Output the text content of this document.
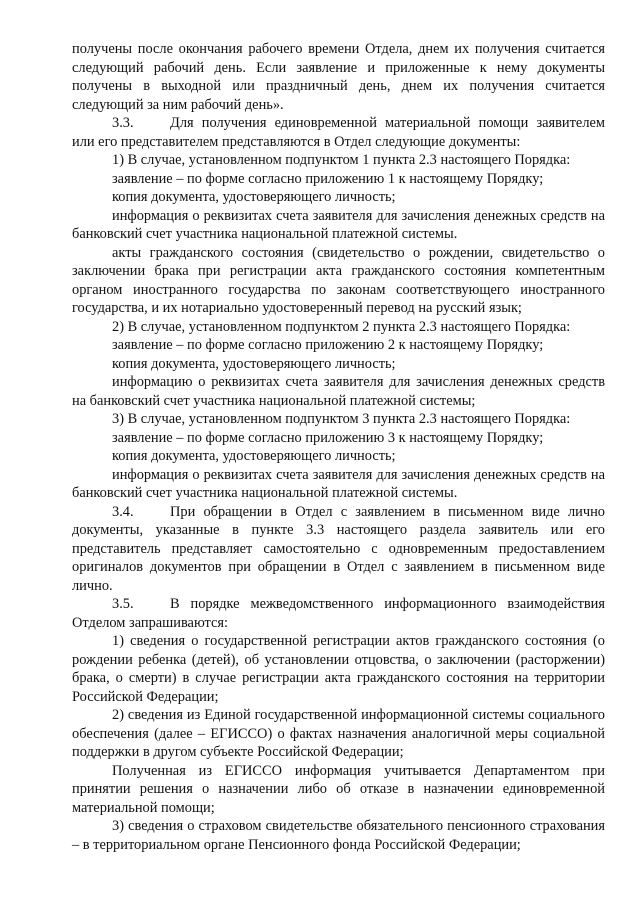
получены после окончания рабочего времени Отдела, днем их получения считается следующий рабочий день. Если заявление и приложенные к нему документы получены в выходной или праздничный день, днем их получения считается следующий за ним рабочий день».

3.3.	Для получения единовременной материальной помощи заявителем или его представителем представляются в Отдел следующие документы:

1) В случае, установленном подпунктом 1 пункта 2.3 настоящего Порядка:

заявление – по форме согласно приложению 1 к настоящему Порядку;

копия документа, удостоверяющего личность;

информация о реквизитах счета заявителя для зачисления денежных средств на банковский счет участника национальной платежной системы.

акты гражданского состояния (свидетельство о рождении, свидетельство о заключении брака при регистрации акта гражданского состояния компетентным органом иностранного государства по законам соответствующего иностранного государства, и их нотариально удостоверенный перевод на русский язык;

2) В случае, установленном подпунктом 2 пункта 2.3 настоящего Порядка:

заявление – по форме согласно приложению 2 к настоящему Порядку;

копия документа, удостоверяющего личность;

информацию о реквизитах счета заявителя для зачисления денежных средств на банковский счет участника национальной платежной системы;

3) В случае, установленном подпунктом 3 пункта 2.3 настоящего Порядка:

заявление – по форме согласно приложению 3 к настоящему Порядку;

копия документа, удостоверяющего личность;

информация о реквизитах счета заявителя для зачисления денежных средств на банковский счет участника национальной платежной системы.

3.4.	При обращении в Отдел с заявлением в письменном виде лично документы, указанные в пункте 3.3 настоящего раздела заявитель или его представитель представляет самостоятельно с одновременным предоставлением оригиналов документов при обращении в Отдел с заявлением в письменном виде лично.

3.5.	В порядке межведомственного информационного взаимодействия Отделом запрашиваются:

1) сведения о государственной регистрации актов гражданского состояния (о рождении ребенка (детей), об установлении отцовства, о заключении (расторжении) брака, о смерти) в случае регистрации акта гражданского состояния на территории Российской Федерации;

2) сведения из Единой государственной информационной системы социального обеспечения (далее – ЕГИССО) о фактах назначения аналогичной меры социальной поддержки в другом субъекте Российской Федерации;

Полученная из ЕГИССО информация учитывается Департаментом при принятии решения о назначении либо об отказе в назначении единовременной материальной помощи;

3) сведения о страховом свидетельстве обязательного пенсионного страхования – в территориальном органе Пенсионного фонда Российской Федерации;
